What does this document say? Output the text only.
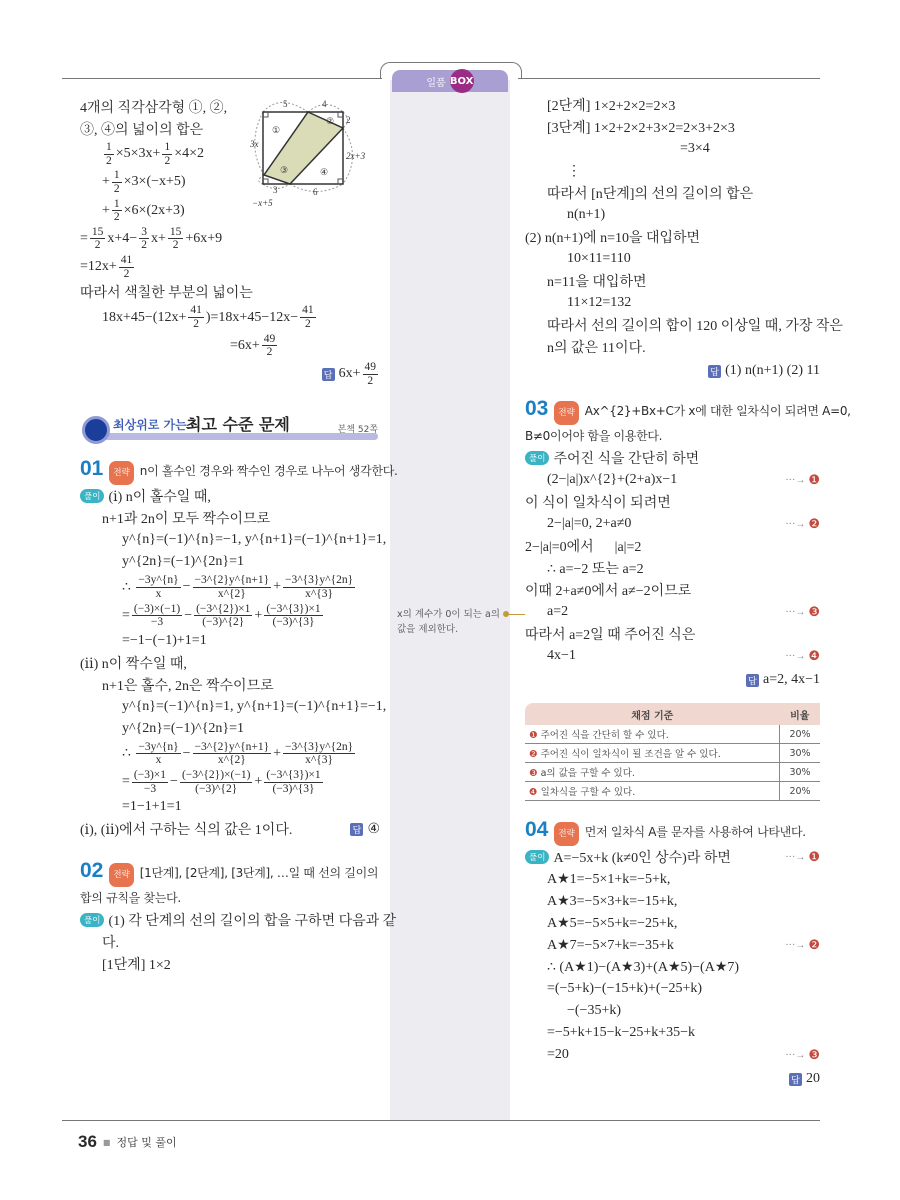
일품 BOX
4개의 직각삼각형 ①, ②,
③, ④의 넓이의 합은
$\frac{1}{2} \times 5\times 3x+ \frac{1}{2} \times 4\times 2$
+ $\frac{1}{2} \times 3\times(-x+5)$
+ $\frac{1}{2} \times 6\times(2x+3)$
= $\frac{15}{2} x+4- \frac{3}{2} x+ \frac{15}{2} +6x+9$
$=12x+ \frac{41}{2}$
따라서 색칠한 부분의 넓이는
$18x+45-(12x+ \frac{41}{2} )=18x+45-12x- \frac{41}{2}$
$=6x+ \frac{49}{2}$
답 $6x+ \frac{49}{2}$
최상위로 가는 최고 수준 문제	본책 52쪽
01	전략 n이 홀수인 경우와 짝수인 경우로 나누어 생각한다.
풀이 (ⅰ) n이 홀수일 때,
n+1과 2n이 모두 짝수이므로
y^{n}=(−1)^{n}=−1, y^{n+1}=(−1)^{n+1}=1,
y^{2n}=(−1)^{2n}=1
∴ $\frac{-3y\^{}\{n\}}{x} - \frac{-3\^{}\{2\}y\^{}\{n+1\}}{x\^{}\{2\}} + \frac{-3\^{}\{3\}y\^{}\{2n\}}{x\^{}\{3\}}$
= $\frac{(-3)\times(-1)}{-3} - \frac{(-3\^{}\{2\})\times 1}{(-3)\^{}\{2\}} + \frac{(-3\^{}\{3\})\times 1}{(-3)\^{}\{3\}}$
=−1−(−1)+1=1
(ⅱ) n이 짝수일 때,
n+1은 홀수, 2n은 짝수이므로
y^{n}=(−1)^{n}=1, y^{n+1}=(−1)^{n+1}=−1,
y^{2n}=(−1)^{2n}=1
∴ $\frac{-3y\^{}\{n\}}{x} - \frac{-3\^{}\{2\}y\^{}\{n+1\}}{x\^{}\{2\}} + \frac{-3\^{}\{3\}y\^{}\{2n\}}{x\^{}\{3\}}$
= $\frac{(-3)\times 1}{-3} - \frac{(-3\^{}\{2\})\times(-1)}{(-3)\^{}\{2\}} + \frac{(-3\^{}\{3\})\times 1}{(-3)\^{}\{3\}}$
=1−1+1=1
(ⅰ), (ⅱ)에서 구하는 식의 값은 1이다.	답 ④
02	전략 [1단계], [2단계], [3단계], …일 때 선의 길이의
합의 규칙을 찾는다.
풀이 (1) 각 단계의 선의 길이의 합을 구하면 다음과 같
다.
[1단계] 1×2
5	4
2
3x
2x+3
3	6
−x+5
①
②
③	④
[2단계] 1×2+2×2=2×3
[3단계] 1×2+2×2+3×2=2×3+2×3
=3×4
⋮
따라서 [n단계]의 선의 길이의 합은
n(n+1)
(2) n(n+1)에 n=10을 대입하면
10×11=110
n=11을 대입하면
11×12=132
따라서 선의 길이의 합이 120 이상일 때, 가장 작은
n의 값은 11이다.
답 (1) n(n+1) (2) 11
03	전략 Ax^{2}+Bx+C가 x에 대한 일차식이 되려면 A=0,
B≠0이어야 함을 이용한다.
풀이 주어진 식을 간단히 하면
(2−|a|)x^{2}+(2+a)x−1	···→ ❶
이 식이 일차식이 되려면
2−|a|=0, 2+a≠0	···→ ❷
2−|a|=0에서      |a|=2
∴ a=−2 또는 a=2
이때 2+a≠0에서 a≠−2이므로
a=2	···→ ❸
따라서 a=2일 때 주어진 식은
4x−1	···→ ❹
답 a=2, 4x−1
채점 기준	비율
❶ 주어진 식을 간단히 할 수 있다.	20%
❷ 주어진 식이 일차식이 될 조건을 알 수 있다.	30%
❸ a의 값을 구할 수 있다.	30%
❹ 일차식을 구할 수 있다.	20%
04	전략 먼저 일차식 A를 문자를 사용하여 나타낸다.
풀이 A=−5x+k (k≠0인 상수)라 하면	···→ ❶
A★1=−5×1+k=−5+k,
A★3=−5×3+k=−15+k,
A★5=−5×5+k=−25+k,
A★7=−5×7+k=−35+k	···→ ❷
∴ (A★1)−(A★3)+(A★5)−(A★7)
=(−5+k)−(−15+k)+(−25+k)
−(−35+k)
=−5+k+15−k−25+k+35−k
=20	···→ ❸
답 20
x의 계수가 0이 되는 a의 값을 제외한다.
36 ■ 정답 및 풀이
